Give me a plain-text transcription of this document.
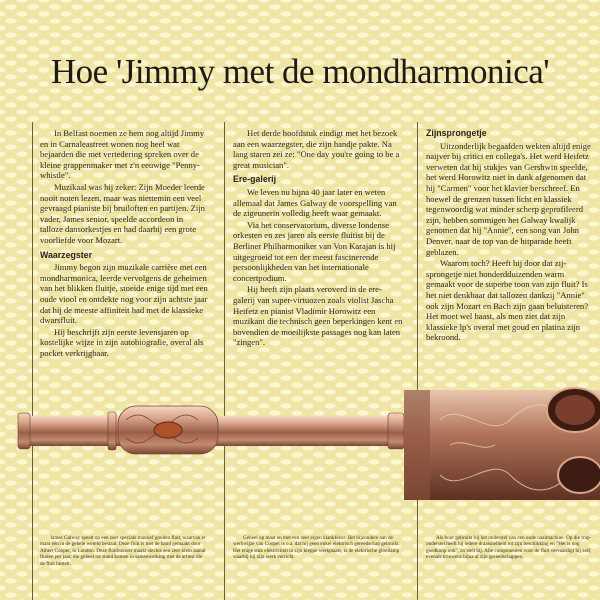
Hoe 'Jimmy met de mondharmonica'

In Belfast noemen ze hem nog altijd Jimmy en in Carnaleastreet wonen nog heel wat bejaarden die met vertedering spreken over de kleine grappenmaker met z'n eeuwige "Penny-whistle".

Muzikaal was hij zeker: Zijn Moeder leerde nooit noten lezen, maar was niettemin een veel gevraagd pianiste bij bruiloften en partijen. Zijn vader, James senior, speelde accordeon in talloze dansorkestjes en had daarbij een grote voorliefde voor Mozart.

Waarzegster

Jimmy begon zijn muzikale carrière met een mondharmonica, leerde vervolgens de geheimen van het blikken fluitje, stoeide enige tijd met een oude viool en ontdekte nog voor zijn achtste jaar dat hij de meeste affiniteit had met de klassieke dwarsfluit.

Hij beschrijft zijn eerste levensjaren op kostelijke wijze in zijn autobiografie, overal als pocket verkrijgbaar.

Het derde hoofdstuk eindigt met het bezoek aan een waarzegster, die zijn handje pakte. Na lang staren zei ze: "One day you're going to be a great musician".

Ere-galerij

We leven nu bijna 40 jaar later en weten allemaal dat James Galway de voorspelling van de zigeunerin volledig heeft waar gemaakt.

Via het conservatorium, diverse londense orkesten en zes jaren als eerste fluitist bij de Berliner Philharmoniker van Von Karajan is hij uitgegroeid tot een der meest fascinerende persoonlijkheden van het internationale concertpodium.

Hij heeft zijn plaats veroverd in de ere-galerij van super-virtuozen zoals violist Jascha Heifetz en pianist Vladimir Horowitz een muzikant die technisch geen beperkingen kent en bovendien de moeilijkste passages nog kan laten "zingen".

Zijnsprongetje

Uitzonderlijk begaafden wekten altijd enige naijver bij critici en collega's. Het werd Heifetz verweten dat hij stukjes van Gershwin speelde, het werd Horowitz niet in dank afgenomen dat hij "Carmen" voor het klavier berschreef. En hoewel de grenzen tussen licht en klassiek tegenwoordig wat minder scherp geprofileerd zijn, hebben sommigen het Galway kwalijk genomen dat hij "Annie", een song van John Denver, naar de top van de hitparade heeft geblazen.

Waarom toch? Heeft hij door dat zij-sprongetje niet honderdduizenden warm gemaakt voor de superbe toon van zijn fluit? Is het niet denkbaar dat tallozen dankzij "Annie" ook zijn Mozart en Bach zijn gaan beluisteren? Het moet wel haast, als men ziet dat zijn klassieke lp's overal met goud en platina zijn bekroond.

James Galway speelt op een zeer speciale massief gouden fluit, waarvan er maar één in de gehele wereld bestaat. Deze fluit is met de hand gemaakt door Albert Cooper, in London. Deze fluitbouwer maakt slechts een zeer klein aantal fluiten per jaar, die geheel tot stand komen in samenwerking met de artiest die de fluit bestelt.

Geheel op maat en met een zeer eigen klankkleur. Het bijzondere aan de werkwijze van Cooper is o.a. dat hij geen enkel elektrisch gereedschap gebruikt. Het enige stuk elektriciteit in zijn kleppe werkplaats, is de elektrische gloeilamp waarbij hij zijn werk verricht.

Als boor gebruikt hij het onderstel van een oude naaimachine. Op die trap-onderstel heeft hij iedere draaisnelheid tot zijn beschikking en "Het is nog goedkoop ook", zo stelt hij. Alle componenten voor de fluit vervaardigt hij zelf, evenals trouwens bijna al zijn gereedschappen.
